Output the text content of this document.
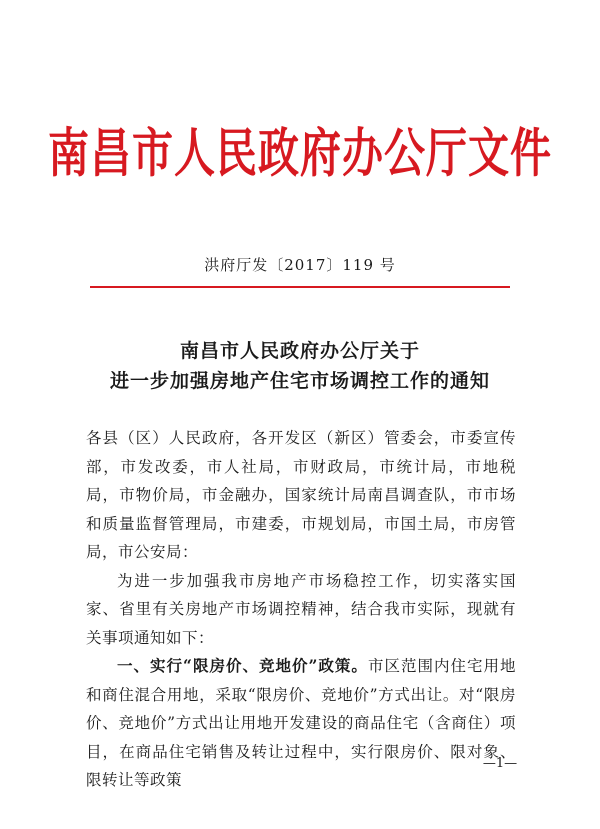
南昌市人民政府办公厅文件
洪府厅发〔2017〕119 号
南昌市人民政府办公厅关于
进一步加强房地产住宅市场调控工作的通知

各县（区）人民政府，各开发区（新区）管委会，市委宣传部，市发改委，市人社局，市财政局，市统计局，市地税局，市物价局，市金融办，国家统计局南昌调查队，市市场和质量监督管理局，市建委，市规划局，市国土局，市房管局，市公安局：

为进一步加强我市房地产市场稳控工作，切实落实国家、省里有关房地产市场调控精神，结合我市实际，现就有关事项通知如下：

一、实行“限房价、竞地价”政策。市区范围内住宅用地和商住混合用地，采取“限房价、竞地价”方式出让。对“限房价、竞地价”方式出让用地开发建设的商品住宅（含商住）项目，在商品住宅销售及转让过程中，实行限房价、限对象、限转让等政策

—1—
